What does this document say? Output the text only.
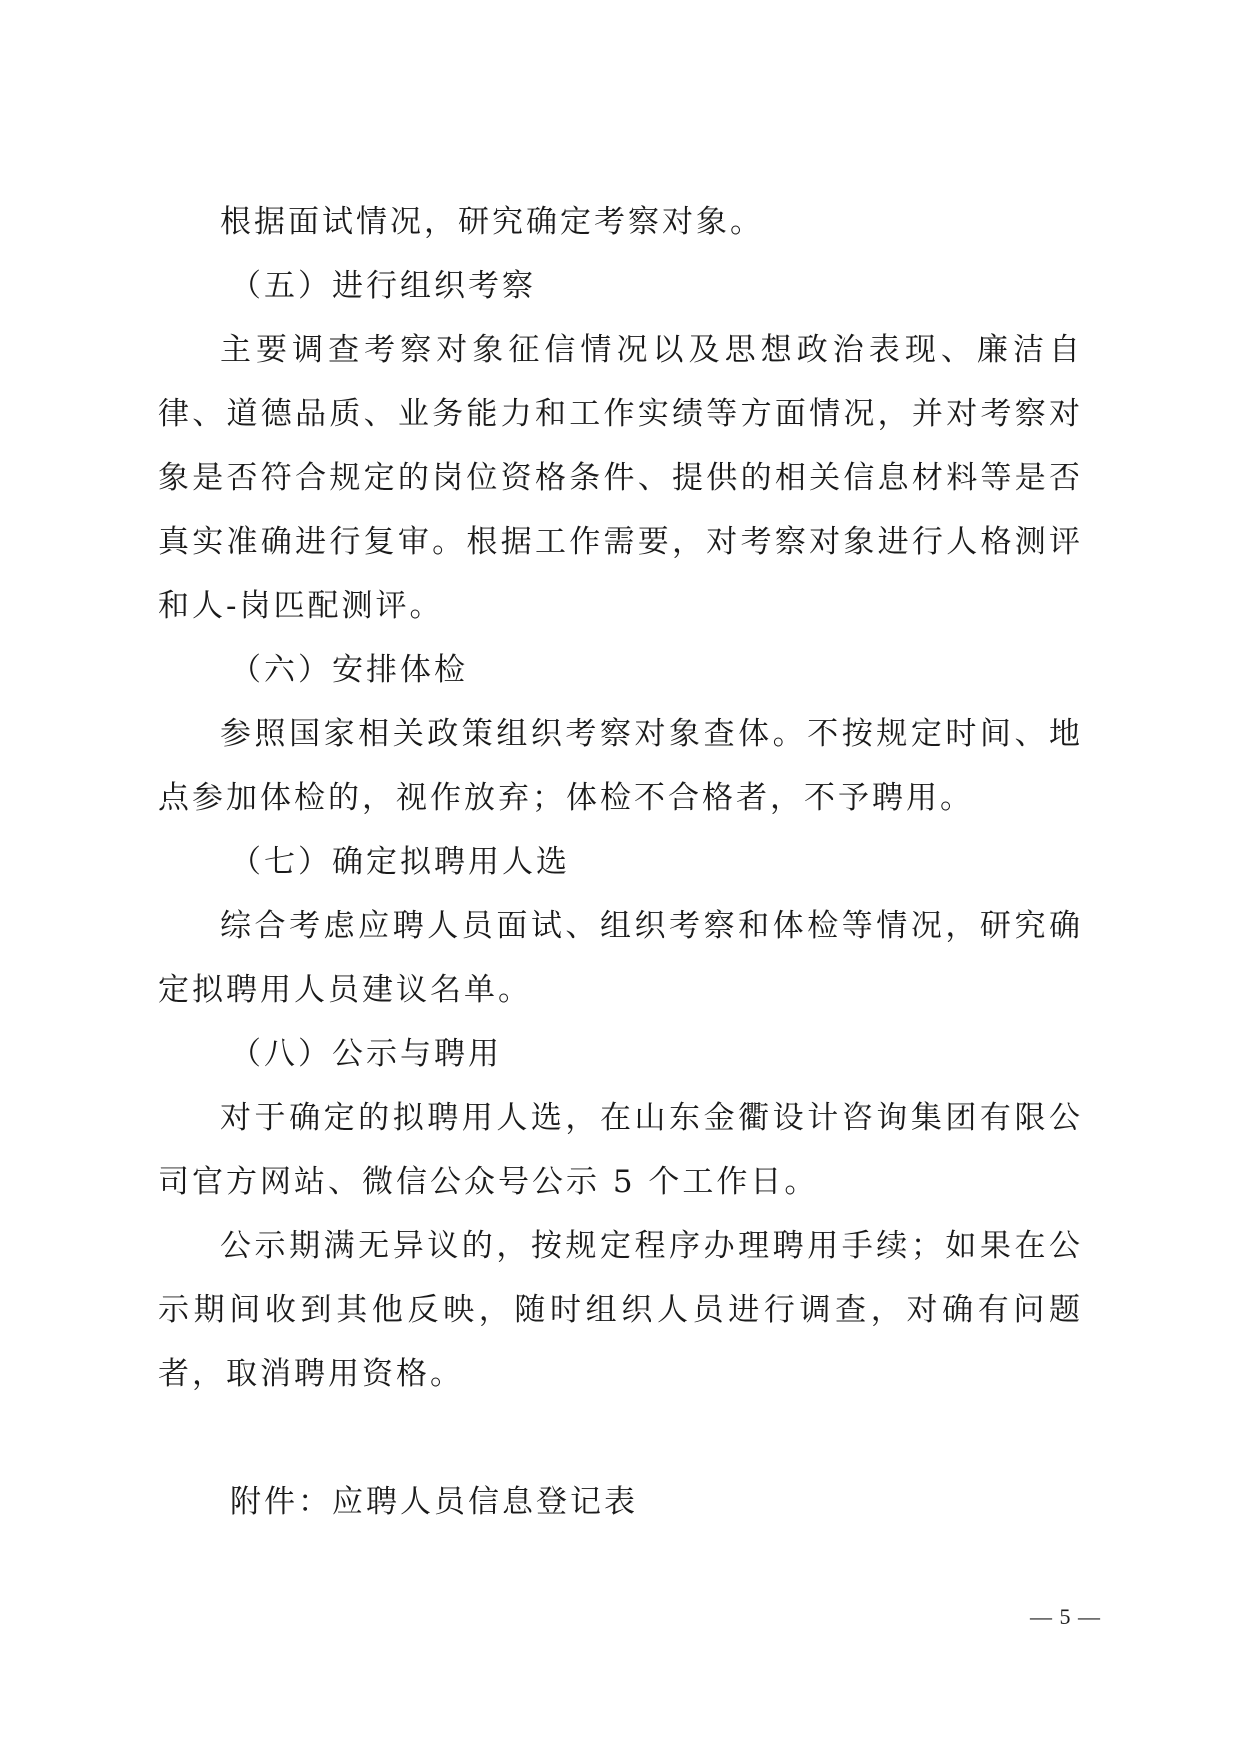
根据面试情况，研究确定考察对象。

（五）进行组织考察

主要调查考察对象征信情况以及思想政治表现、廉洁自律、道德品质、业务能力和工作实绩等方面情况，并对考察对象是否符合规定的岗位资格条件、提供的相关信息材料等是否真实准确进行复审。根据工作需要，对考察对象进行人格测评和人-岗匹配测评。

（六）安排体检

参照国家相关政策组织考察对象查体。不按规定时间、地点参加体检的，视作放弃；体检不合格者，不予聘用。

（七）确定拟聘用人选

综合考虑应聘人员面试、组织考察和体检等情况，研究确定拟聘用人员建议名单。

（八）公示与聘用

对于确定的拟聘用人选，在山东金衢设计咨询集团有限公司官方网站、微信公众号公示 5 个工作日。

公示期满无异议的，按规定程序办理聘用手续；如果在公示期间收到其他反映，随时组织人员进行调查，对确有问题者，取消聘用资格。

附件：应聘人员信息登记表

— 5 —
